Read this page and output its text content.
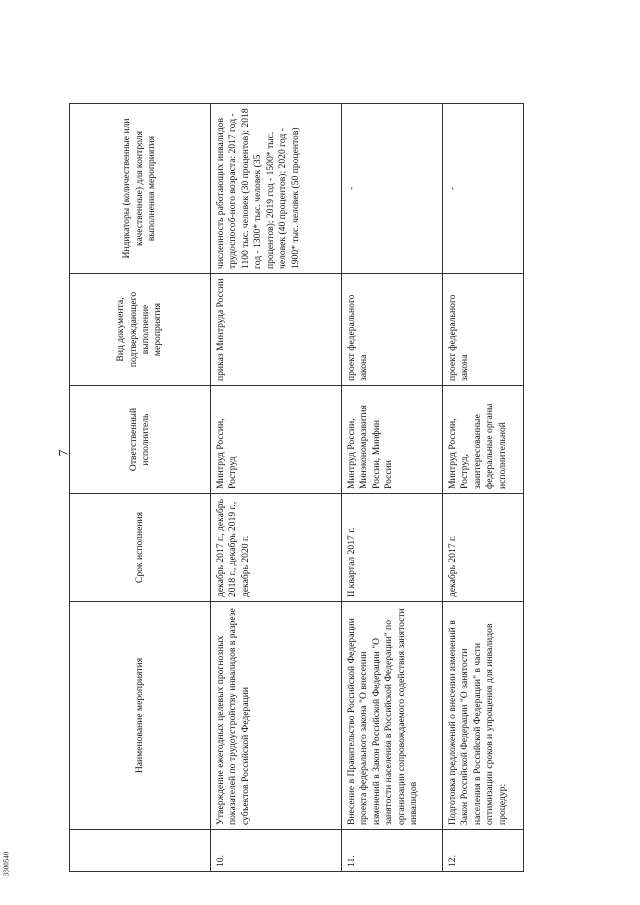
7
3300540
	Наименование мероприятия	Срок исполнения	Ответственный исполнитель	Вид документа, подтверждающего выполнение мероприятия	Индикаторы (количественные или качественные) для контроля выполнения мероприятия
10.	Утверждение ежегодных целевых прогнозных показателей по трудоустройству инвалидов в разрезе субъектов Российской Федерации	декабрь 2017 г., декабрь 2018 г., декабрь 2019 г., декабрь 2020 г.	Минтруд России, Роструд	приказ Минтруда России	численность работающих инвалидов трудоспособ-ного возраста: 2017 год - 1100 тыс. человек (30 процентов); 2018 год - 1300* тыс. человек (35 процентов); 2019 год - 1500* тыс. человек (40 процентов); 2020 год - 1900* тыс. человек (50 процентов)
11.	Внесение в Правительство Российской Федерации проекта федерального закона "О внесении изменений в Закон Российской Федерации "О занятости населения в Российской Федерации" по организации сопровождаемого содействия занятости инвалидов	II квартал 2017 г.	Минтруд России, Минэкономразвития России, Минфин России	проект федерального закона	-
12.	Подготовка предложений о внесении изменений в Закон Российской Федерации "О занятости населения в Российской Федерации" в части оптимизации сроков и упрощения для инвалидов процедур:	декабрь 2017 г.	Минтруд России, Роструд, заинтересованные федеральные органы исполнительной	проект федерального закона	-
